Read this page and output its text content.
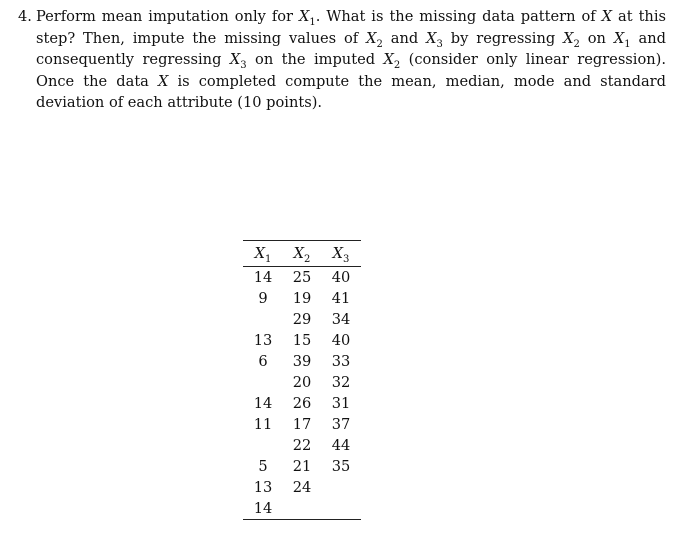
4. Perform mean imputation only for $X_1$. What is the missing data pattern of X at this step? Then, impute the missing values of $X_2$ and $X_3$ by regressing $X_2$ on $X_1$ and consequently regressing $X_3$ on the imputed $X_2$ (consider only linear regression). Once the data X is completed compute the mean, median, mode and standard deviation of each attribute (10 points).
$X_1$	$X_2$	$X_3$
14	25	40
9	19	41
	29	34
13	15	40
6	39	33
	20	32
14	26	31
11	17	37
	22	44
5	21	35
13	24	
14		
